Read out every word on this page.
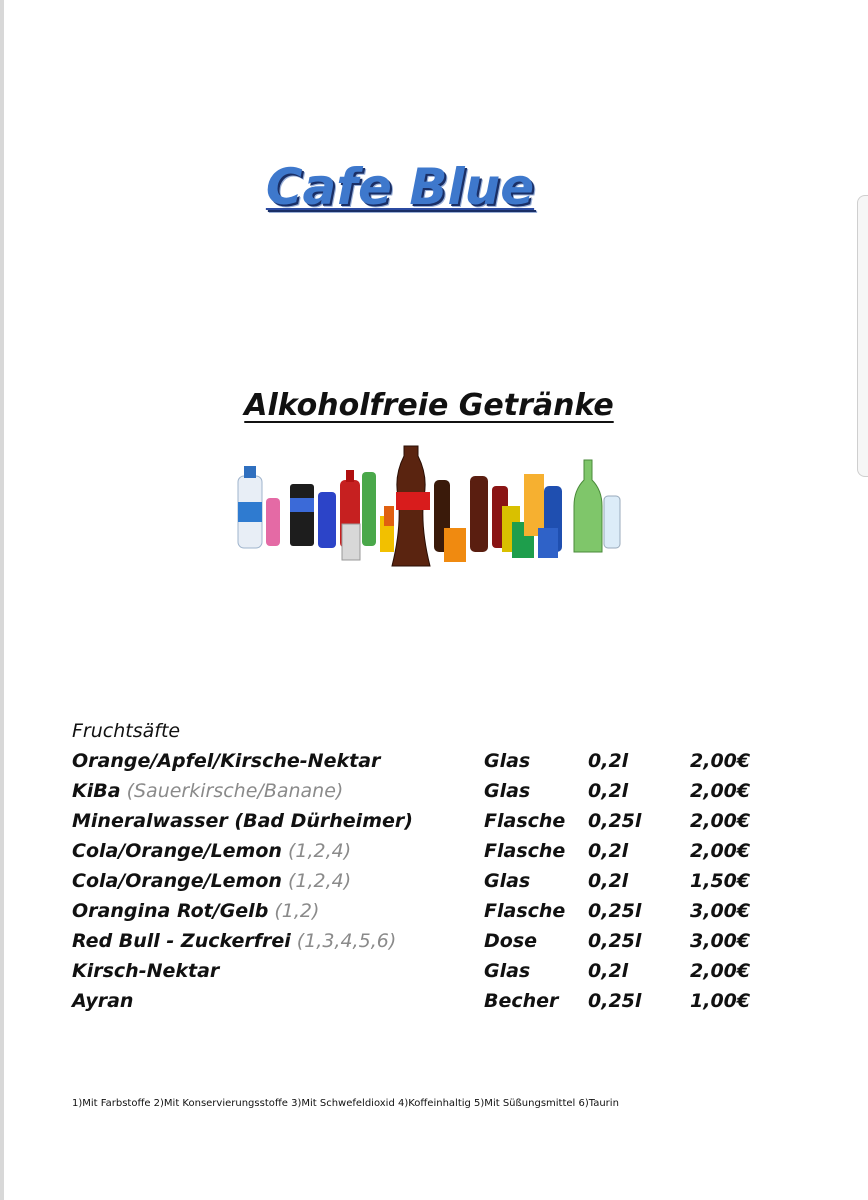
Cafe Blue
Alkoholfreie Getränke
Fruchtsäfte
Orange/Apfel/Kirsche-Nektar	Glas	0,2l	2,00€
KiBa (Sauerkirsche/Banane)	Glas	0,2l	2,00€
Mineralwasser (Bad Dürheimer)	Flasche 0,25l	2,00€
Cola/Orange/Lemon (1,2,4)	Flasche 0,2l	2,00€
Cola/Orange/Lemon (1,2,4)	Glas	0,2l	1,50€
Orangina Rot/Gelb (1,2)	Flasche 0,25l	3,00€
Red Bull - Zuckerfrei (1,3,4,5,6)	Dose	0,25l	3,00€
Kirsch-Nektar	Glas	0,2l	2,00€
Ayran	Becher 0,25l	1,00€
1)Mit Farbstoffe 2)Mit Konservierungsstoffe 3)Mit Schwefeldioxid 4)Koffeinhaltig 5)Mit Süßungsmittel 6)Taurin
